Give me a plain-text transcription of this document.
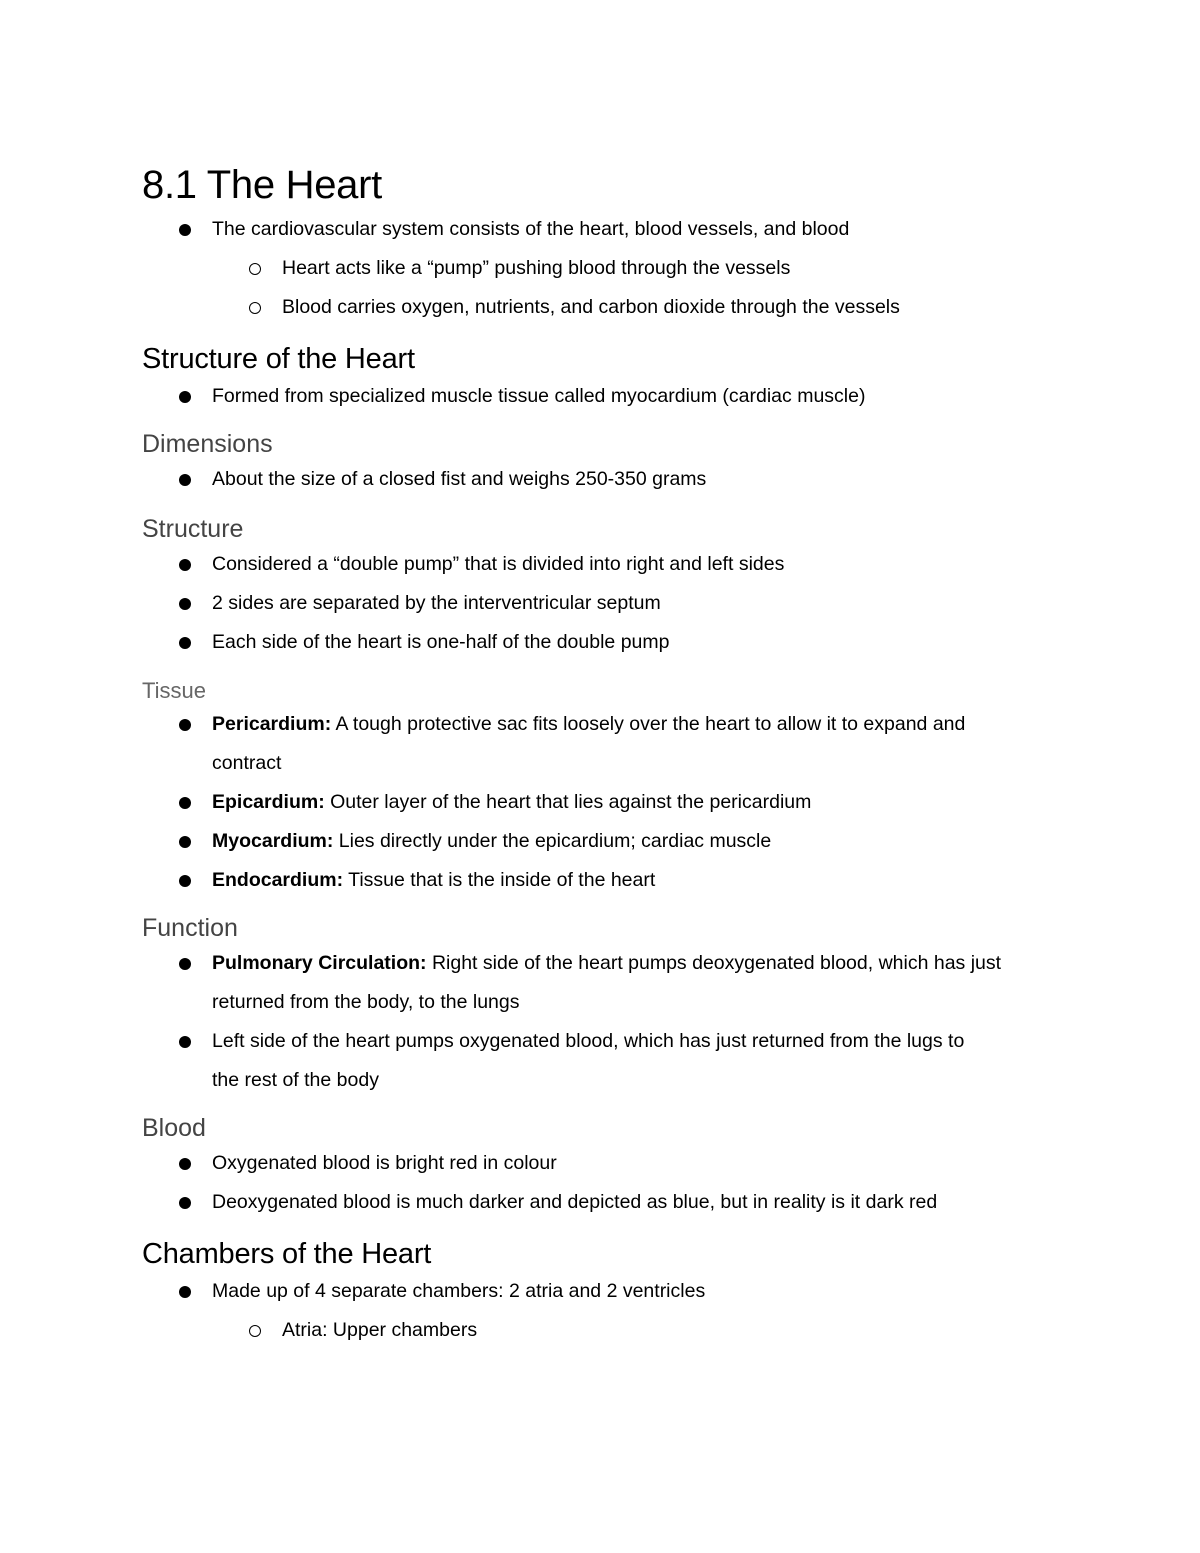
8.1 The Heart
The cardiovascular system consists of the heart, blood vessels, and blood
Heart acts like a “pump” pushing blood through the vessels
Blood carries oxygen, nutrients, and carbon dioxide through the vessels
Structure of the Heart
Formed from specialized muscle tissue called myocardium (cardiac muscle)
Dimensions
About the size of a closed fist and weighs 250-350 grams
Structure
Considered a “double pump” that is divided into right and left sides
2 sides are separated by the interventricular septum
Each side of the heart is one-half of the double pump
Tissue
Pericardium: A tough protective sac fits loosely over the heart to allow it to expand and
contract
Epicardium: Outer layer of the heart that lies against the pericardium
Myocardium: Lies directly under the epicardium; cardiac muscle
Endocardium: Tissue that is the inside of the heart
Function
Pulmonary Circulation: Right side of the heart pumps deoxygenated blood, which has just
returned from the body, to the lungs
Left side of the heart pumps oxygenated blood, which has just returned from the lugs to
the rest of the body
Blood
Oxygenated blood is bright red in colour
Deoxygenated blood is much darker and depicted as blue, but in reality is it dark red
Chambers of the Heart
Made up of 4 separate chambers: 2 atria and 2 ventricles
Atria: Upper chambers
